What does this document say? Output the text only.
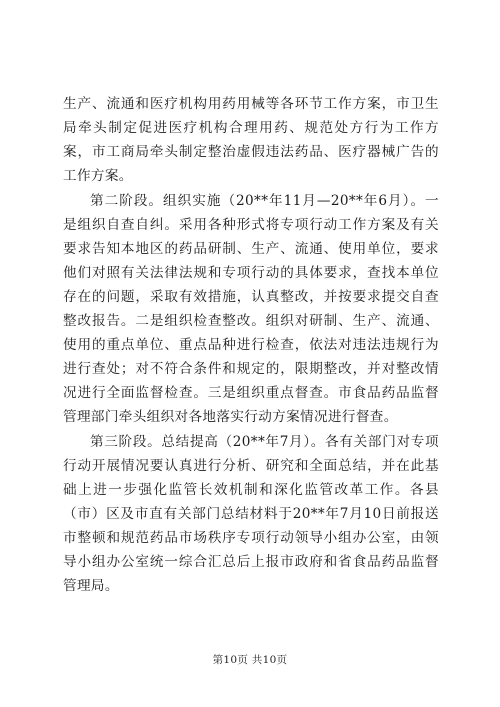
生产、流通和医疗机构用药用械等各环节工作方案，市卫生局牵头制定促进医疗机构合理用药、规范处方行为工作方案，市工商局牵头制定整治虚假违法药品、医疗器械广告的工作方案。

第二阶段。组织实施（20**年11月—20**年6月）。一是组织自查自纠。采用各种形式将专项行动工作方案及有关要求告知本地区的药品研制、生产、流通、使用单位，要求他们对照有关法律法规和专项行动的具体要求，查找本单位存在的问题，采取有效措施，认真整改，并按要求提交自查整改报告。二是组织检查整改。组织对研制、生产、流通、使用的重点单位、重点品种进行检查，依法对违法违规行为进行查处；对不符合条件和规定的，限期整改，并对整改情况进行全面监督检查。三是组织重点督查。市食品药品监督管理部门牵头组织对各地落实行动方案情况进行督查。

第三阶段。总结提高（20**年7月）。各有关部门对专项行动开展情况要认真进行分析、研究和全面总结，并在此基础上进一步强化监管长效机制和深化监管改革工作。各县（市）区及市直有关部门总结材料于20**年7月10日前报送市整顿和规范药品市场秩序专项行动领导小组办公室，由领导小组办公室统一综合汇总后上报市政府和省食品药品监督管理局。

第10页 共10页
